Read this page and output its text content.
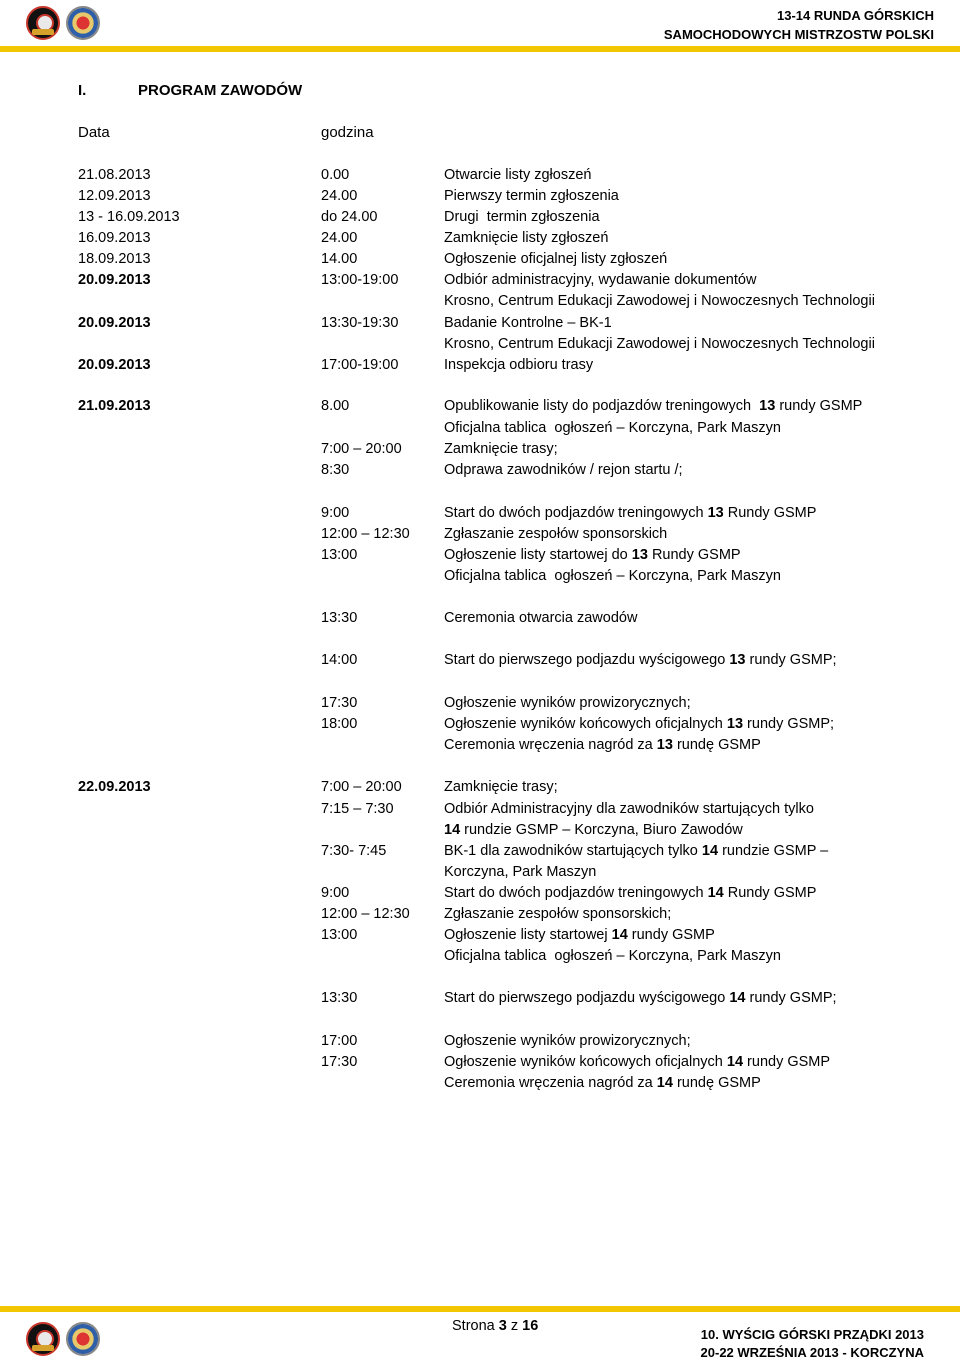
13-14 RUNDA GÓRSKICH
SAMOCHODOWYCH MISTRZOSTW POLSKI
I.	PROGRAM ZAWODÓW
Data	godzina
21.08.2013	0.00	Otwarcie listy zgłoszeń
12.09.2013	24.00	Pierwszy termin zgłoszenia
13 - 16.09.2013	do 24.00	Drugi  termin zgłoszenia
16.09.2013	24.00	Zamknięcie listy zgłoszeń
18.09.2013	14.00	Ogłoszenie oficjalnej listy zgłoszeń
20.09.2013	13:00-19:00	Odbiór administracyjny, wydawanie dokumentów
Krosno, Centrum Edukacji Zawodowej i Nowoczesnych Technologii
20.09.2013	13:30-19:30	Badanie Kontrolne – BK-1
Krosno, Centrum Edukacji Zawodowej i Nowoczesnych Technologii
20.09.2013	17:00-19:00	Inspekcja odbioru trasy
21.09.2013	8.00	Opublikowanie listy do podjazdów treningowych  13 rundy GSMP
Oficjalna tablica  ogłoszeń – Korczyna, Park Maszyn
7:00 – 20:00	Zamknięcie trasy;
8:30	Odprawa zawodników / rejon startu /;
9:00	Start do dwóch podjazdów treningowych 13 Rundy GSMP
12:00 – 12:30 Zgłaszanie zespołów sponsorskich
13:00	Ogłoszenie listy startowej do 13 Rundy GSMP
Oficjalna tablica  ogłoszeń – Korczyna, Park Maszyn
13:30	Ceremonia otwarcia zawodów
14:00	Start do pierwszego podjazdu wyścigowego 13 rundy GSMP;
17:30	Ogłoszenie wyników prowizorycznych;
18:00	Ogłoszenie wyników końcowych oficjalnych 13 rundy GSMP;
Ceremonia wręczenia nagród za 13 rundę GSMP
22.09.2013	7:00 – 20:00	Zamknięcie trasy;
7:15 – 7:30	Odbiór Administracyjny dla zawodników startujących tylko
14 rundzie GSMP – Korczyna, Biuro Zawodów
7:30- 7:45	BK-1 dla zawodników startujących tylko 14 rundzie GSMP –
Korczyna, Park Maszyn
9:00	Start do dwóch podjazdów treningowych 14 Rundy GSMP
12:00 – 12:30 Zgłaszanie zespołów sponsorskich;
13:00	Ogłoszenie listy startowej 14 rundy GSMP
Oficjalna tablica  ogłoszeń – Korczyna, Park Maszyn
13:30	Start do pierwszego podjazdu wyścigowego 14 rundy GSMP;
17:00	Ogłoszenie wyników prowizorycznych;
17:30	Ogłoszenie wyników końcowych oficjalnych 14 rundy GSMP
Ceremonia wręczenia nagród za 14 rundę GSMP
Strona 3 z 16
10. WYŚCIG GÓRSKI PRZĄDKI 2013
20-22 WRZEŚNIA 2013 - KORCZYNA
